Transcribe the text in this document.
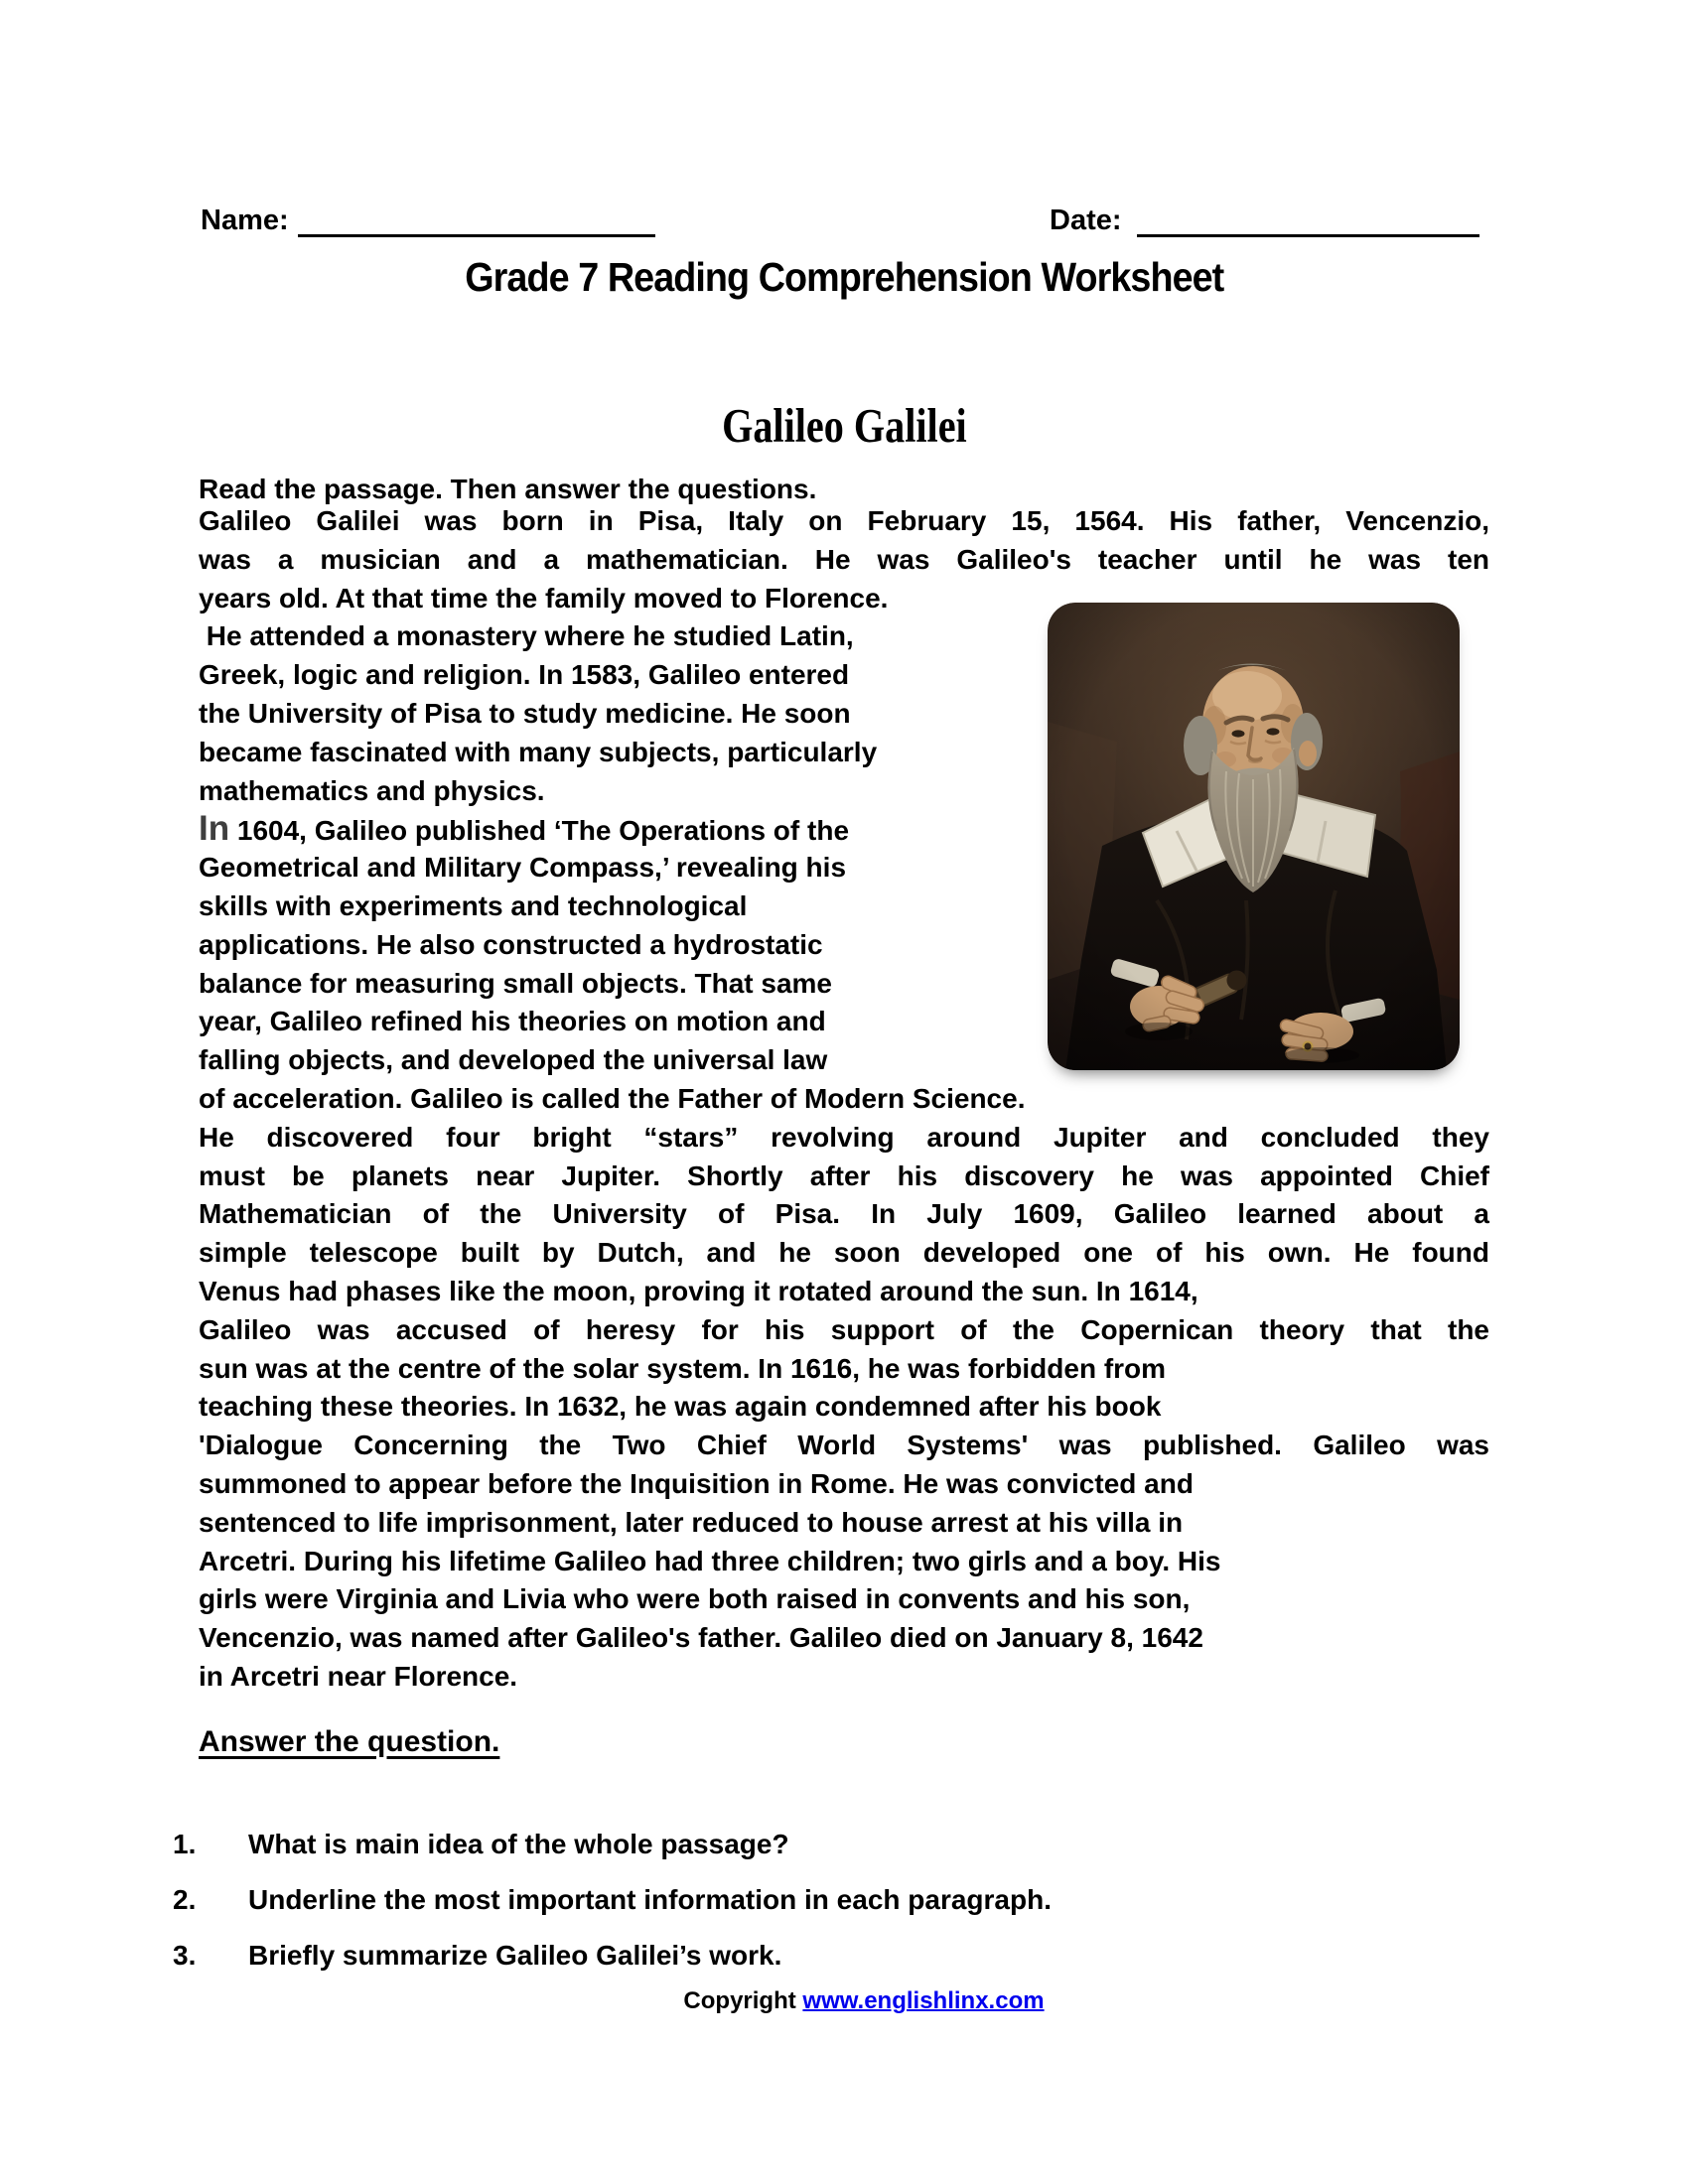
Name:	Date:
Grade 7 Reading Comprehension Worksheet
Galileo Galilei
Read the passage. Then answer the questions.
Galileo Galilei was born in Pisa, Italy on February 15, 1564. His father, Vencenzio,
was a musician and a mathematician. He was Galileo's teacher until he was ten
years old. At that time the family moved to Florence.
He attended a monastery where he studied Latin,
Greek, logic and religion. In 1583, Galileo entered
the University of Pisa to study medicine. He soon
became fascinated with many subjects, particularly
mathematics and physics.
In 1604, Galileo published ‘The Operations of the
Geometrical and Military Compass,’ revealing his
skills with experiments and technological
applications. He also constructed a hydrostatic
balance for measuring small objects. That same
year, Galileo refined his theories on motion and
falling objects, and developed the universal law
of acceleration. Galileo is called the Father of Modern Science.
He discovered four bright “stars” revolving around Jupiter and concluded they
must be planets near Jupiter. Shortly after his discovery he was appointed Chief
Mathematician of the University of Pisa. In July 1609, Galileo learned about a
simple telescope built by Dutch, and he soon developed one of his own. He found
Venus had phases like the moon, proving it rotated around the sun. In 1614,
Galileo was accused of heresy for his support of the Copernican theory that the
sun was at the centre of the solar system. In 1616, he was forbidden from
teaching these theories. In 1632, he was again condemned after his book
'Dialogue Concerning the Two Chief World Systems' was published. Galileo was
summoned to appear before the Inquisition in Rome. He was convicted and
sentenced to life imprisonment, later reduced to house arrest at his villa in
Arcetri. During his lifetime Galileo had three children; two girls and a boy. His
girls were Virginia and Livia who were both raised in convents and his son,
Vencenzio, was named after Galileo's father. Galileo died on January 8, 1642
in Arcetri near Florence.
Answer the question.
1. What is main idea of the whole passage?
2. Underline the most important information in each paragraph.
3. Briefly summarize Galileo Galilei’s work.
Copyright www.englishlinx.com
